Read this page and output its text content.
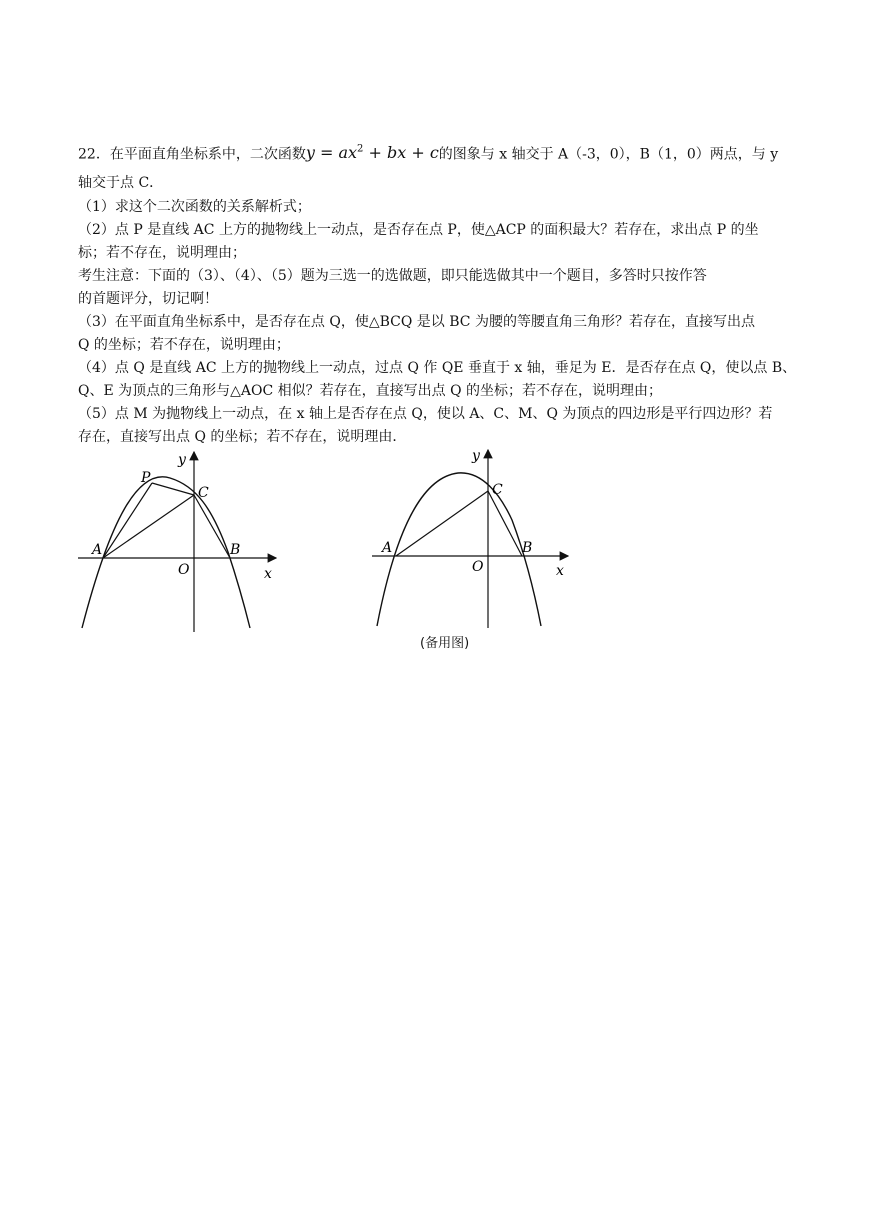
22．在平面直角坐标系中，二次函数$y = ax^2$ + bx + c的图象与 x 轴交于 A（-3，0），B（1，0）两点，与 y
轴交于点 C．
（1）求这个二次函数的关系解析式；
（2）点 P 是直线 AC 上方的抛物线上一动点，是否存在点 P，使△ACP 的面积最大？若存在，求出点 P 的坐
标；若不存在，说明理由；
考生注意：下面的（3）、（4）、（5）题为三选一的选做题，即只能选做其中一个题目，多答时只按作答
的首题评分，切记啊！
（3）在平面直角坐标系中，是否存在点 Q，使△BCQ 是以 BC 为腰的等腰直角三角形？若存在，直接写出点
Q 的坐标；若不存在，说明理由；
（4）点 Q 是直线 AC 上方的抛物线上一动点，过点 Q 作 QE 垂直于 x 轴，垂足为 E．是否存在点 Q，使以点 B、
Q、E 为顶点的三角形与△AOC 相似？若存在，直接写出点 Q 的坐标；若不存在，说明理由；
（5）点 M 为抛物线上一动点，在 x 轴上是否存在点 Q，使以 A、C、M、Q 为顶点的四边形是平行四边形？若
存在，直接写出点 Q 的坐标；若不存在，说明理由．
y
x
O
A	B
C
P
y
x
O
A	B
C
(备用图)
